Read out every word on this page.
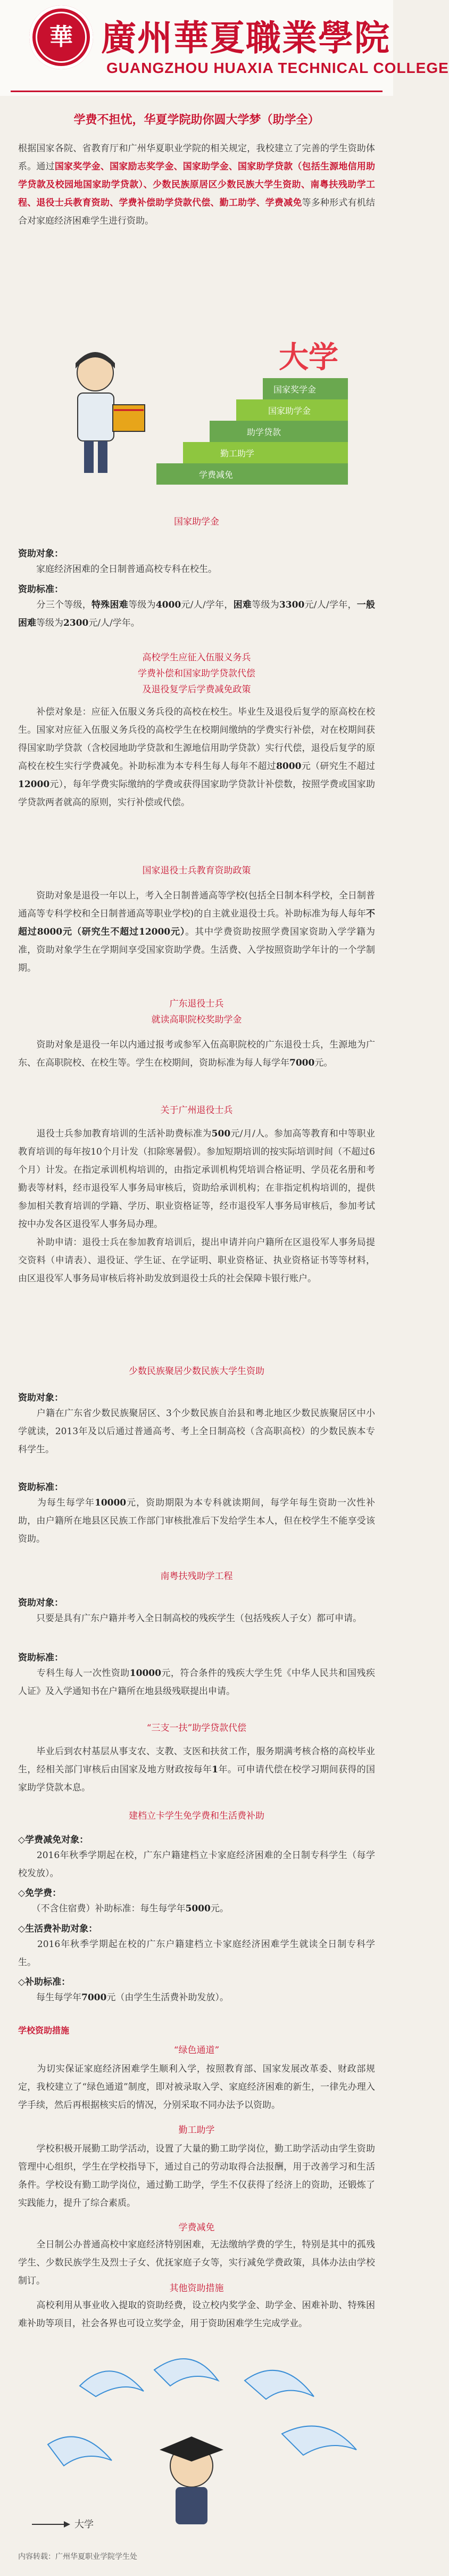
華 廣州華夏職業學院
GUANGZHOU HUAXIA TECHNICAL COLLEGE
学费不担忧，华夏学院助你圆大学梦（助学全）
根据国家各院、省教育厅和广州华夏职业学院的相关规定，我校建立了完善的学生资助体系。通过国家奖学金、国家励志奖学金、国家助学金、国家助学贷款（包括生源地信用助学贷款及校园地国家助学贷款）、少数民族原居区少数民族大学生资助、南粤扶残助学工程、退役士兵教育资助、学费补偿助学贷款代偿、勤工助学、学费减免等多种形式有机结合对家庭经济困难学生进行资助。
学费减免
勤工助学
助学贷款
国家助学金
国家奖学金
大学
国家助学金
资助对象：
　　家庭经济困难的全日制普通高校专科在校生。
资助标准：
　　分三个等级，特殊困难等级为4000元/人/学年，困难等级为3300元/人/学年，一般困难等级为2300元/人/学年。
高校学生应征入伍服义务兵
学费补偿和国家助学贷款代偿
及退役复学后学费减免政策
　　补偿对象是：应征入伍服义务兵役的高校在校生。毕业生及退役后复学的原高校在校生。国家对应征入伍服义务兵役的高校学生在校期间缴纳的学费实行补偿，对在校期间获得国家助学贷款（含校园地助学贷款和生源地信用助学贷款）实行代偿，退役后复学的原高校在校生实行学费减免。补助标准为本专科生每人每年不超过8000元（研究生不超过12000元），每年学费实际缴纳的学费或获得国家助学贷款计补偿数，按照学费或国家助学贷款两者就高的原则，实行补偿或代偿。
国家退役士兵教育资助政策
　　资助对象是退役一年以上，考入全日制普通高等学校(包括全日制本科学校，全日制普通高等专科学校和全日制普通高等职业学校)的自主就业退役士兵。补助标准为每人每年不超过8000元（研究生不超过12000元）。其中学费资助按照学费国家资助入学学籍为准，资助对象学生在学期间享受国家资助学费。生活费、入学按照资助学年计的一个学制期。
广东退役士兵
就读高职院校奖助学金
　　资助对象是退役一年以内通过报考或参军入伍高职院校的广东退役士兵，生源地为广东、在高职院校、在校生等。学生在校期间，资助标准为每人每学年7000元。
关于广州退役士兵
　　退役士兵参加教育培训的生活补助费标准为500元/月/人。参加高等教育和中等职业教育培训的每年按10个月计发（扣除寒暑假）。参加短期培训的按实际培训时间（不超过6个月）计发。在指定承训机构培训的，由指定承训机构凭培训合格证明、学员花名册和考勤表等材料，经市退役军人事务局审核后，资助给承训机构；在非指定机构培训的，提供参加相关教育培训的学籍、学历、职业资格证等，经市退役军人事务局审核后，参加考试按中办发各区退役军人事务局办理。
　　补助申请：退役士兵在参加教育培训后，提出申请并向户籍所在区退役军人事务局提交资料（申请表）、退役证、学生证、在学证明、职业资格证、执业资格证书等等材料，由区退役军人事务局审核后将补助发放到退役士兵的社会保障卡银行账户。
少数民族聚居少数民族大学生资助
资助对象：
　　户籍在广东省少数民族聚居区、3个少数民族自治县和粤北地区少数民族聚居区中小学就读，2013年及以后通过普通高考、考上全日制高校（含高职高校）的少数民族本专科学生。
资助标准：
　　为每生每学年10000元，资助期限为本专科就读期间，每学年每生资助一次性补助，由户籍所在地县区民族工作部门审核批准后下发给学生本人，但在校学生不能享受该资助。
南粤扶残助学工程
资助对象：
　　只要是具有广东户籍并考入全日制高校的残疾学生（包括残疾人子女）都可申请。
资助标准：
　　专科生每人一次性资助10000元，符合条件的残疾大学生凭《中华人民共和国残疾人证》及入学通知书在户籍所在地县级残联提出申请。
“三支一扶”助学贷款代偿
　　毕业后到农村基层从事支农、支教、支医和扶贫工作，服务期满考核合格的高校毕业生，经相关部门审核后由国家及地方财政按每年1年。可申请代偿在校学习期间获得的国家助学贷款本息。
建档立卡学生免学费和生活费补助
◇学费减免对象：
　　2016年秋季学期起在校，广东户籍建档立卡家庭经济困难的全日制专科学生（每学校发放）。
◇免学费：
　　（不含住宿费）补助标准：每生每学年5000元。
◇生活费补助对象：
　　2016年秋季学期起在校的广东户籍建档立卡家庭经济困难学生就读全日制专科学生。
◇补助标准：
　　每生每学年7000元（由学生生活费补助发放）。
学校资助措施
“绿色通道”
　　为切实保证家庭经济困难学生顺利入学，按照教育部、国家发展改革委、财政部规定，我校建立了“绿色通道”制度，即对被录取入学、家庭经济困难的新生，一律先办理入学手续，然后再根据核实后的情况，分别采取不同办法予以资助。
勤工助学
　　学校积极开展勤工助学活动，设置了大量的勤工助学岗位，勤工助学活动由学生资助管理中心组织，学生在学校指导下，通过自己的劳动取得合法报酬，用于改善学习和生活条件。学校设有勤工助学岗位，通过勤工助学，学生不仅获得了经济上的资助，还锻炼了实践能力，提升了综合素质。
学费减免
　　全日制公办普通高校中家庭经济特别困难，无法缴纳学费的学生，特别是其中的孤残学生、少数民族学生及烈士子女、优抚家庭子女等，实行减免学费政策，具体办法由学校制订。
其他资助措施
　　高校利用从事业收入提取的资助经费，设立校内奖学金、助学金、困难补助、特殊困难补助等项目，社会各界也可设立奖学金，用于资助困难学生完成学业。
大学
内容转载：广州华夏职业学院学生处
